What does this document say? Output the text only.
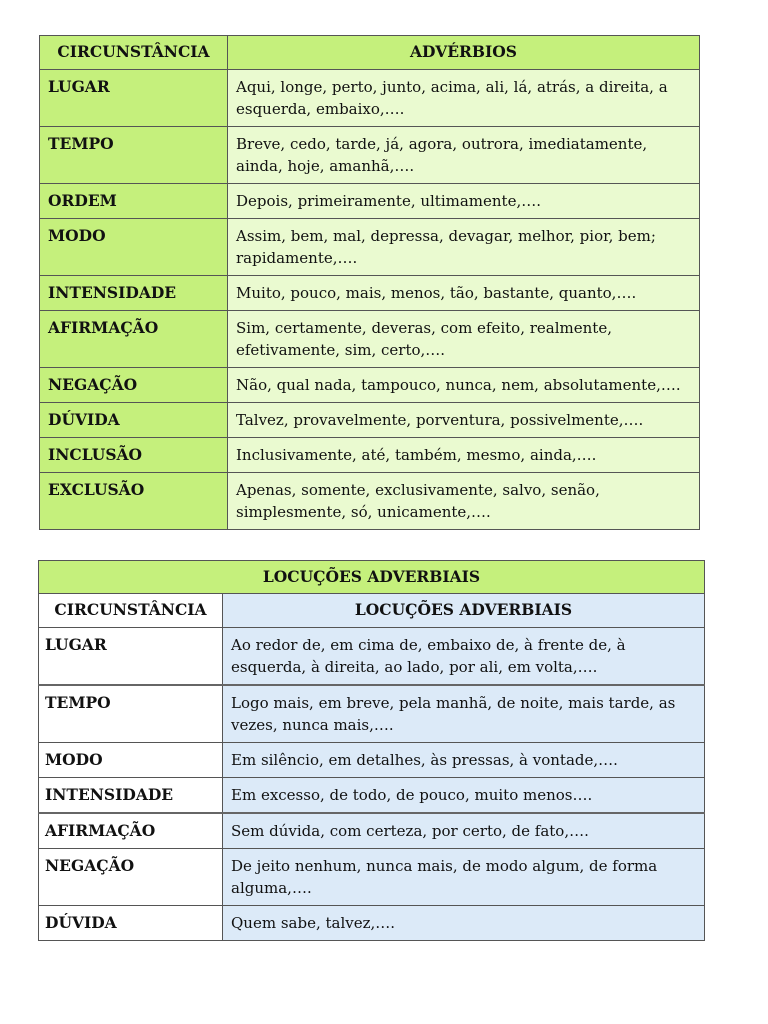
CIRCUNSTÂNCIA	ADVÉRBIOS
LUGAR	Aqui, longe, perto, junto, acima, ali, lá, atrás, a direita, a esquerda, embaixo,….
TEMPO	Breve, cedo, tarde, já, agora, outrora, imediatamente, ainda, hoje, amanhã,….
ORDEM	Depois, primeiramente, ultimamente,….
MODO	Assim, bem, mal, depressa, devagar, melhor, pior, bem; rapidamente,….
INTENSIDADE	Muito, pouco, mais, menos, tão, bastante, quanto,….
AFIRMAÇÃO	Sim, certamente, deveras, com efeito, realmente, efetivamente, sim, certo,….
NEGAÇÃO	Não, qual nada, tampouco, nunca, nem, absolutamente,….
DÚVIDA	Talvez, provavelmente, porventura, possivelmente,….
INCLUSÃO	Inclusivamente, até, também, mesmo, ainda,….
EXCLUSÃO	Apenas, somente, exclusivamente, salvo, senão, simplesmente, só, unicamente,….
LOCUÇÕES ADVERBIAIS	
CIRCUNSTÂNCIA	LOCUÇÕES ADVERBIAIS
LUGAR	Ao redor de, em cima de, embaixo de, à frente de, à esquerda, à direita, ao lado, por ali, em volta,….
TEMPO	Logo mais, em breve, pela manhã, de noite, mais tarde, as vezes, nunca mais,….
MODO	Em silêncio, em detalhes, às pressas, à vontade,….
INTENSIDADE	Em excesso, de todo, de pouco, muito menos….
AFIRMAÇÃO	Sem dúvida, com certeza, por certo, de fato,….
NEGAÇÃO	De jeito nenhum, nunca mais, de modo algum, de forma alguma,….
DÚVIDA	Quem sabe, talvez,….
